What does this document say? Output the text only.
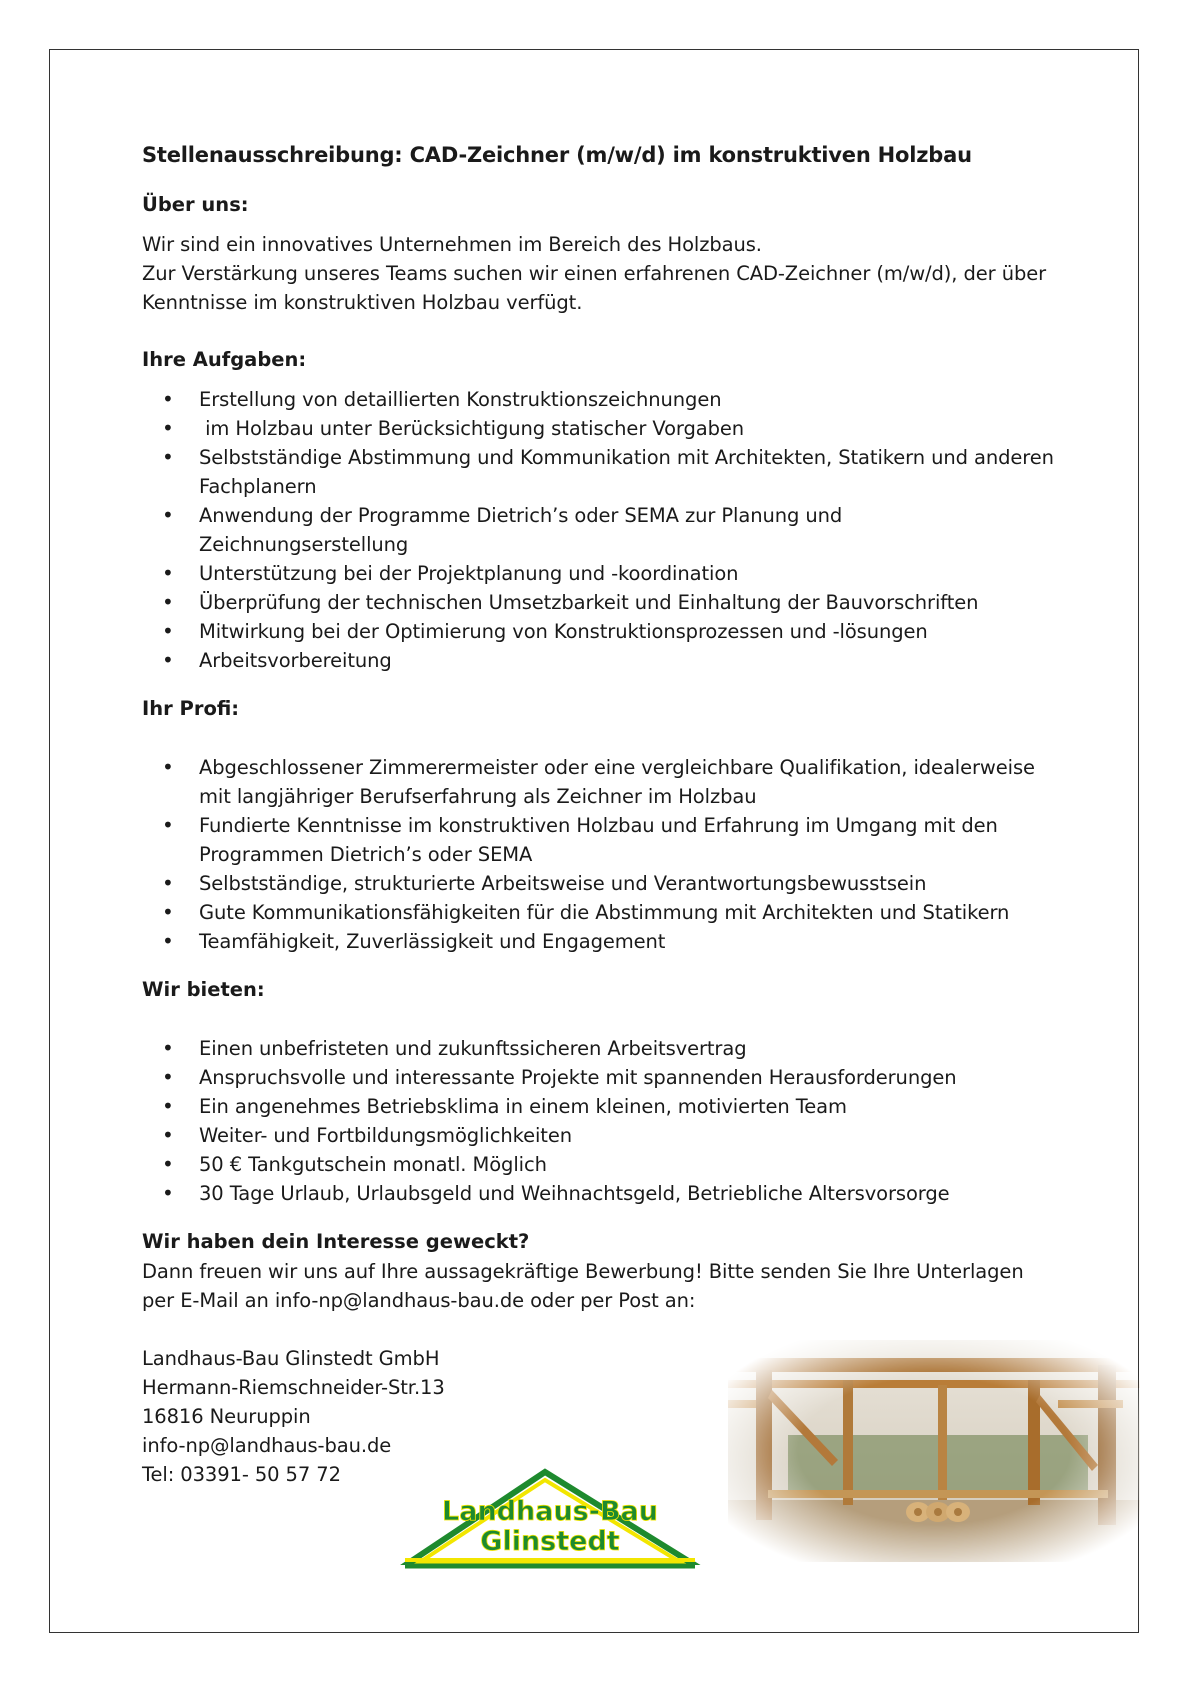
Stellenausschreibung: CAD-Zeichner (m/w/d) im konstruktiven Holzbau
Über uns:

Wir sind ein innovatives Unternehmen im Bereich des Holzbaus.

Zur Verstärkung unseres Teams suchen wir einen erfahrenen CAD-Zeichner (m/w/d), der über Kenntnisse im konstruktiven Holzbau verfügt.

Ihre Aufgaben:
• Erstellung von detaillierten Konstruktionszeichnungen
•  im Holzbau unter Berücksichtigung statischer Vorgaben
• Selbstständige Abstimmung und Kommunikation mit Architekten, Statikern und anderen Fachplanern
• Anwendung der Programme Dietrich’s oder SEMA zur Planung und Zeichnungserstellung
• Unterstützung bei der Projektplanung und -koordination
• Überprüfung der technischen Umsetzbarkeit und Einhaltung der Bauvorschriften
• Mitwirkung bei der Optimierung von Konstruktionsprozessen und -lösungen
• Arbeitsvorbereitung
Ihr Profi:
• Abgeschlossener Zimmerermeister oder eine vergleichbare Qualifikation, idealerweise mit langjähriger Berufserfahrung als Zeichner im Holzbau
• Fundierte Kenntnisse im konstruktiven Holzbau und Erfahrung im Umgang mit den Programmen Dietrich’s oder SEMA
• Selbstständige, strukturierte Arbeitsweise und Verantwortungsbewusstsein
• Gute Kommunikationsfähigkeiten für die Abstimmung mit Architekten und Statikern
• Teamfähigkeit, Zuverlässigkeit und Engagement
Wir bieten:
• Einen unbefristeten und zukunftssicheren Arbeitsvertrag
• Anspruchsvolle und interessante Projekte mit spannenden Herausforderungen
• Ein angenehmes Betriebsklima in einem kleinen, motivierten Team
• Weiter- und Fortbildungsmöglichkeiten
• 50 € Tankgutschein monatl. Möglich
• 30 Tage Urlaub, Urlaubsgeld und Weihnachtsgeld, Betriebliche Altersvorsorge
Wir haben dein Interesse geweckt?

Dann freuen wir uns auf Ihre aussagekräftige Bewerbung! Bitte senden Sie Ihre Unterlagen per E-Mail an info-np@landhaus-bau.de oder per Post an:

Landhaus-Bau Glinstedt GmbH

Hermann-Riemschneider-Str.13

16816 Neuruppin

info-np@landhaus-bau.de

Tel: 03391- 50 57 72

Landhaus-Bau
Glinstedt
